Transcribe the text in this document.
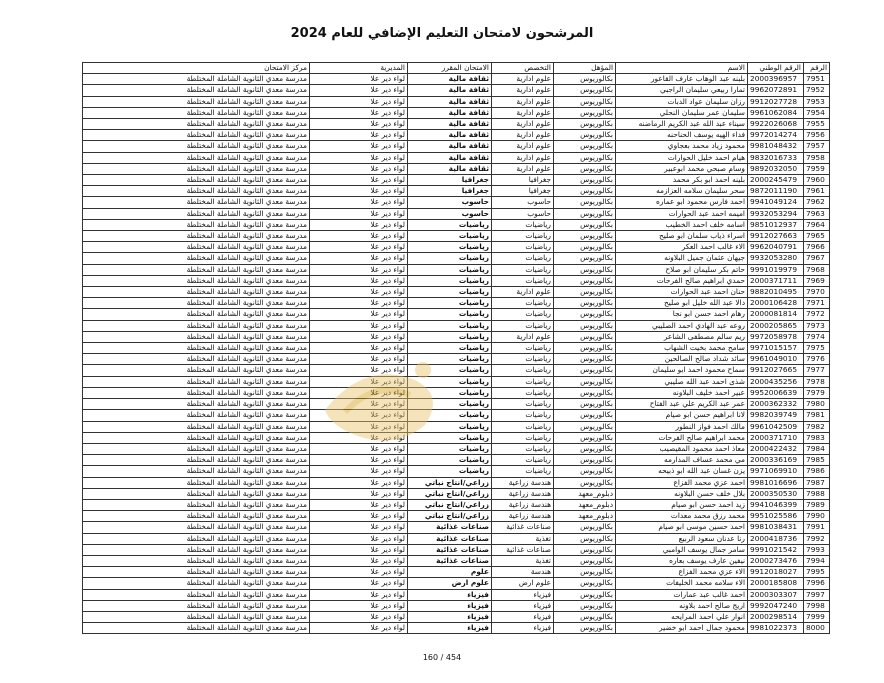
المرشحون لامتحان التعليم الإضافي للعام 2024
الرقم	الرقم الوطني	الاسم	المؤهل	التخصص	الامتحان المقرر	المديرية	مركز الامتحان
7951	2000396957	بلبنه عبد الوهاب عارف القاعور	بكالوريوس	علوم ادارية	ثقافة مالية	لواء دير علا	مدرسة معدي الثانوية الشاملة المختلطة
7952	9962072891	تمارا ربيعي سليمان الراجبي	بكالوريوس	علوم ادارية	ثقافة مالية	لواء دير علا	مدرسة معدي الثانوية الشاملة المختلطة
7953	9912027728	رزان سليمان عواد الدبات	بكالوريوس	علوم ادارية	ثقافة مالية	لواء دير علا	مدرسة معدي الثانوية الشاملة المختلطة
7954	9961062084	سليمان عمر سليمان النحلي	بكالوريوس	علوم ادارية	ثقافة مالية	لواء دير علا	مدرسة معدي الثانوية الشاملة المختلطة
7955	9922026068	سيناء عبد الله عبد الكريم الرماضنه	بكالوريوس	علوم ادارية	ثقافة مالية	لواء دير علا	مدرسة معدي الثانوية الشاملة المختلطة
7956	9972014274	فداء الهيه يوسف الحناحنه	بكالوريوس	علوم ادارية	ثقافة مالية	لواء دير علا	مدرسة معدي الثانوية الشاملة المختلطة
7957	9981048432	محمود زياد محمد بعجاوي	بكالوريوس	علوم ادارية	ثقافة مالية	لواء دير علا	مدرسة معدي الثانوية الشاملة المختلطة
7958	9832016733	هيام احمد خليل الحوارات	بكالوريوس	علوم ادارية	ثقافة مالية	لواء دير علا	مدرسة معدي الثانوية الشاملة المختلطة
7959	9892032050	وسام صبحي محمد ابوعبير	بكالوريوس	علوم ادارية	ثقافة مالية	لواء دير علا	مدرسة معدي الثانوية الشاملة المختلطة
7960	2000245479	بلينه احمد ابو بكر محمد	بكالوريوس	جغرافيا	جغرافيا	لواء دير علا	مدرسة معدي الثانوية الشاملة المختلطة
7961	9872011190	سحر سليمان سلامه العزازمه	بكالوريوس	جغرافيا	جغرافيا	لواء دير علا	مدرسة معدي الثانوية الشاملة المختلطة
7962	9941049124	احمد فارس محمود ابو عماره	بكالوريوس	حاسوب	حاسوب	لواء دير علا	مدرسة معدي الثانوية الشاملة المختلطة
7963	9932053294	اميمه احمد عبد الحوارات	بكالوريوس	حاسوب	حاسوب	لواء دير علا	مدرسة معدي الثانوية الشاملة المختلطة
7964	9851012937	اسامه خلف احمد الخطيب	بكالوريوس	رياضيات	رياضيات	لواء دير علا	مدرسة معدي الثانوية الشاملة المختلطة
7965	9912027663	اسراء ذياب سلمان ابو صليح	بكالوريوس	رياضيات	رياضيات	لواء دير علا	مدرسة معدي الثانوية الشاملة المختلطة
7966	9962040791	الاء غالب احمد العكر	بكالوريوس	رياضيات	رياضيات	لواء دير علا	مدرسة معدي الثانوية الشاملة المختلطة
7967	9932053280	جيهان عثمان جميل البلاونه	بكالوريوس	رياضيات	رياضيات	لواء دير علا	مدرسة معدي الثانوية الشاملة المختلطة
7968	9991019979	حاتم بكر سليمان ابو صلاح	بكالوريوس	رياضيات	رياضيات	لواء دير علا	مدرسة معدي الثانوية الشاملة المختلطة
7969	2000371711	حمدي ابراهيم صالح الفرحات	بكالوريوس	رياضيات	رياضيات	لواء دير علا	مدرسة معدي الثانوية الشاملة المختلطة
7970	9882010495	حنان احمد عبد الحوارات	بكالوريوس	علوم ادارية	رياضيات	لواء دير علا	مدرسة معدي الثانوية الشاملة المختلطة
7971	2000106428	دالا عبد الله خليل ابو صليح	بكالوريوس	رياضيات	رياضيات	لواء دير علا	مدرسة معدي الثانوية الشاملة المختلطة
7972	2000081814	رهام احمد حسن ابو نجا	بكالوريوس	رياضيات	رياضيات	لواء دير علا	مدرسة معدي الثانوية الشاملة المختلطة
7973	2000205865	روعه عبد الهادي احمد الصليبي	بكالوريوس	رياضيات	رياضيات	لواء دير علا	مدرسة معدي الثانوية الشاملة المختلطة
7974	9972058978	ريم سالم مصطفى الشاعر	بكالوريوس	علوم ادارية	رياضيات	لواء دير علا	مدرسة معدي الثانوية الشاملة المختلطة
7975	9971015157	سامح محمد بخيت الشهاب	بكالوريوس	رياضيات	رياضيات	لواء دير علا	مدرسة معدي الثانوية الشاملة المختلطة
7976	9961049010	سائد شداد صالح الصالحين	بكالوريوس	رياضيات	رياضيات	لواء دير علا	مدرسة معدي الثانوية الشاملة المختلطة
7977	9912027665	سماح محمود احمد ابو سليمان	بكالوريوس	رياضيات	رياضيات	لواء دير علا	مدرسة معدي الثانوية الشاملة المختلطة
7978	2000435256	شذى احمد عبد الله صليبي	بكالوريوس	رياضيات	رياضيات	لواء دير علا	مدرسة معدي الثانوية الشاملة المختلطة
7979	9952006639	عبير احمد خليف البلاونه	بكالوريوس	رياضيات	رياضيات	لواء دير علا	مدرسة معدي الثانوية الشاملة المختلطة
7980	2000362332	عمر عبد الكريم علي عبد الفتاح	بكالوريوس	رياضيات	رياضيات	لواء دير علا	مدرسة معدي الثانوية الشاملة المختلطة
7981	9982039749	لانا ابراهيم حسن ابو صيام	بكالوريوس	رياضيات	رياضيات	لواء دير علا	مدرسة معدي الثانوية الشاملة المختلطة
7982	9961042509	مالك احمد فواز النطور	بكالوريوس	رياضيات	رياضيات	لواء دير علا	مدرسة معدي الثانوية الشاملة المختلطة
7983	2000371710	محمد ابراهيم صالح الفرحات	بكالوريوس	رياضيات	رياضيات	لواء دير علا	مدرسة معدي الثانوية الشاملة المختلطة
7984	2000422432	معاذ احمد محمود المقيصيب	بكالوريوس	رياضيات	رياضيات	لواء دير علا	مدرسة معدي الثانوية الشاملة المختلطة
7985	2000336169	مي محمد عساف المدارمه	بكالوريوس	رياضيات	رياضيات	لواء دير علا	مدرسة معدي الثانوية الشاملة المختلطة
7986	9971069910	يزن غسان عبد الله ابو ذبيحه	بكالوريوس	رياضيات	رياضيات	لواء دير علا	مدرسة معدي الثانوية الشاملة المختلطة
7987	9981016696	احمد عزي محمد الفزاع	بكالوريوس	هندسة زراعية	زراعي/انتاج نباتي	لواء دير علا	مدرسة معدي الثانوية الشاملة المختلطة
7988	2000350530	بلال خلف حسن البلاونه	دبلوم_معهد	هندسة زراعية	زراعي/انتاج نباتي	لواء دير علا	مدرسة معدي الثانوية الشاملة المختلطة
7989	9941046399	زيد احمد حسن ابو صيام	دبلوم_معهد	هندسة زراعية	زراعي/انتاج نباتي	لواء دير علا	مدرسة معدي الثانوية الشاملة المختلطة
7990	9951025586	محمد رزق محمد معدات	دبلوم_معهد	هندسة زراعية	زراعي/انتاج نباتي	لواء دير علا	مدرسة معدي الثانوية الشاملة المختلطة
7991	9981038431	احمد حسين موسى ابو صيام	بكالوريوس	صناعات غذائية	صناعات غذائية	لواء دير علا	مدرسة معدي الثانوية الشاملة المختلطة
7992	2000418736	رنا عدنان سعود الربيع	بكالوريوس	تغذية	صناعات غذائية	لواء دير علا	مدرسة معدي الثانوية الشاملة المختلطة
7993	9991021542	سامر جمال يوسف الوامبي	بكالوريوس	صناعات غذائية	صناعات غذائية	لواء دير علا	مدرسة معدي الثانوية الشاملة المختلطة
7994	2000273476	نيفين عارف يوسف بعاره	بكالوريوس	تغذية	صناعات غذائية	لواء دير علا	مدرسة معدي الثانوية الشاملة المختلطة
7995	9912018027	الاء عزي محمد الفزاع	بكالوريوس	هندسة	علوم	لواء دير علا	مدرسة معدي الثانوية الشاملة المختلطة
7996	2000185808	الاء سلامه محمد الخليفات	بكالوريوس	علوم ارض	علوم ارض	لواء دير علا	مدرسة معدي الثانوية الشاملة المختلطة
7997	2000303307	احمد غالب عبد عمارات	بكالوريوس	فيزياء	فيزياء	لواء دير علا	مدرسة معدي الثانوية الشاملة المختلطة
7998	9992047240	اريج صالح احمد بلاونه	بكالوريوس	فيزياء	فيزياء	لواء دير علا	مدرسة معدي الثانوية الشاملة المختلطة
7999	2000298514	انوار علي احمد المرايحه	بكالوريوس	فيزياء	فيزياء	لواء دير علا	مدرسة معدي الثانوية الشاملة المختلطة
8000	9981022373	محمود جمال احمد ابو خضير	بكالوريوس	فيزياء	فيزياء	لواء دير علا	مدرسة معدي الثانوية الشاملة المختلطة
160 / 454
